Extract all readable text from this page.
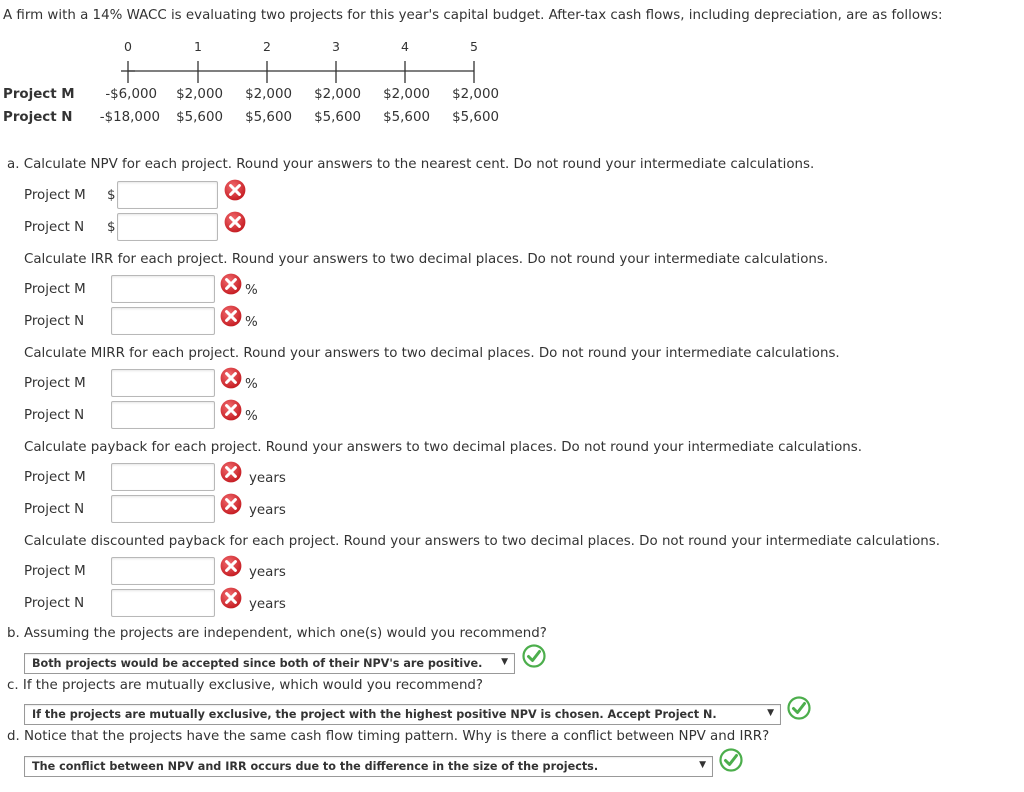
A firm with a 14% WACC is evaluating two projects for this year's capital budget. After-tax cash flows, including depreciation, are as follows:
0	1	2	3	4	5
Project M	-$6,000	$2,000	$2,000	$2,000	$2,000	$2,000
Project N	-$18,000	$5,600	$5,600	$5,600	$5,600	$5,600
a. Calculate NPV for each project. Round your answers to the nearest cent. Do not round your intermediate calculations.
Project M $
Project N $
Calculate IRR for each project. Round your answers to two decimal places. Do not round your intermediate calculations.
Project M	%
Project N	%
Calculate MIRR for each project. Round your answers to two decimal places. Do not round your intermediate calculations.
Project M	%
Project N	%
Calculate payback for each project. Round your answers to two decimal places. Do not round your intermediate calculations.
Project M	years
Project N	years
Calculate discounted payback for each project. Round your answers to two decimal places. Do not round your intermediate calculations.
Project M	years
Project N	years
b. Assuming the projects are independent, which one(s) would you recommend?
Both projects would be accepted since both of their NPV's are positive. ▼
c. If the projects are mutually exclusive, which would you recommend?
If the projects are mutually exclusive, the project with the highest positive NPV is chosen. Accept Project N.	▼
d. Notice that the projects have the same cash flow timing pattern. Why is there a conflict between NPV and IRR?
The conflict between NPV and IRR occurs due to the difference in the size of the projects.	▼
